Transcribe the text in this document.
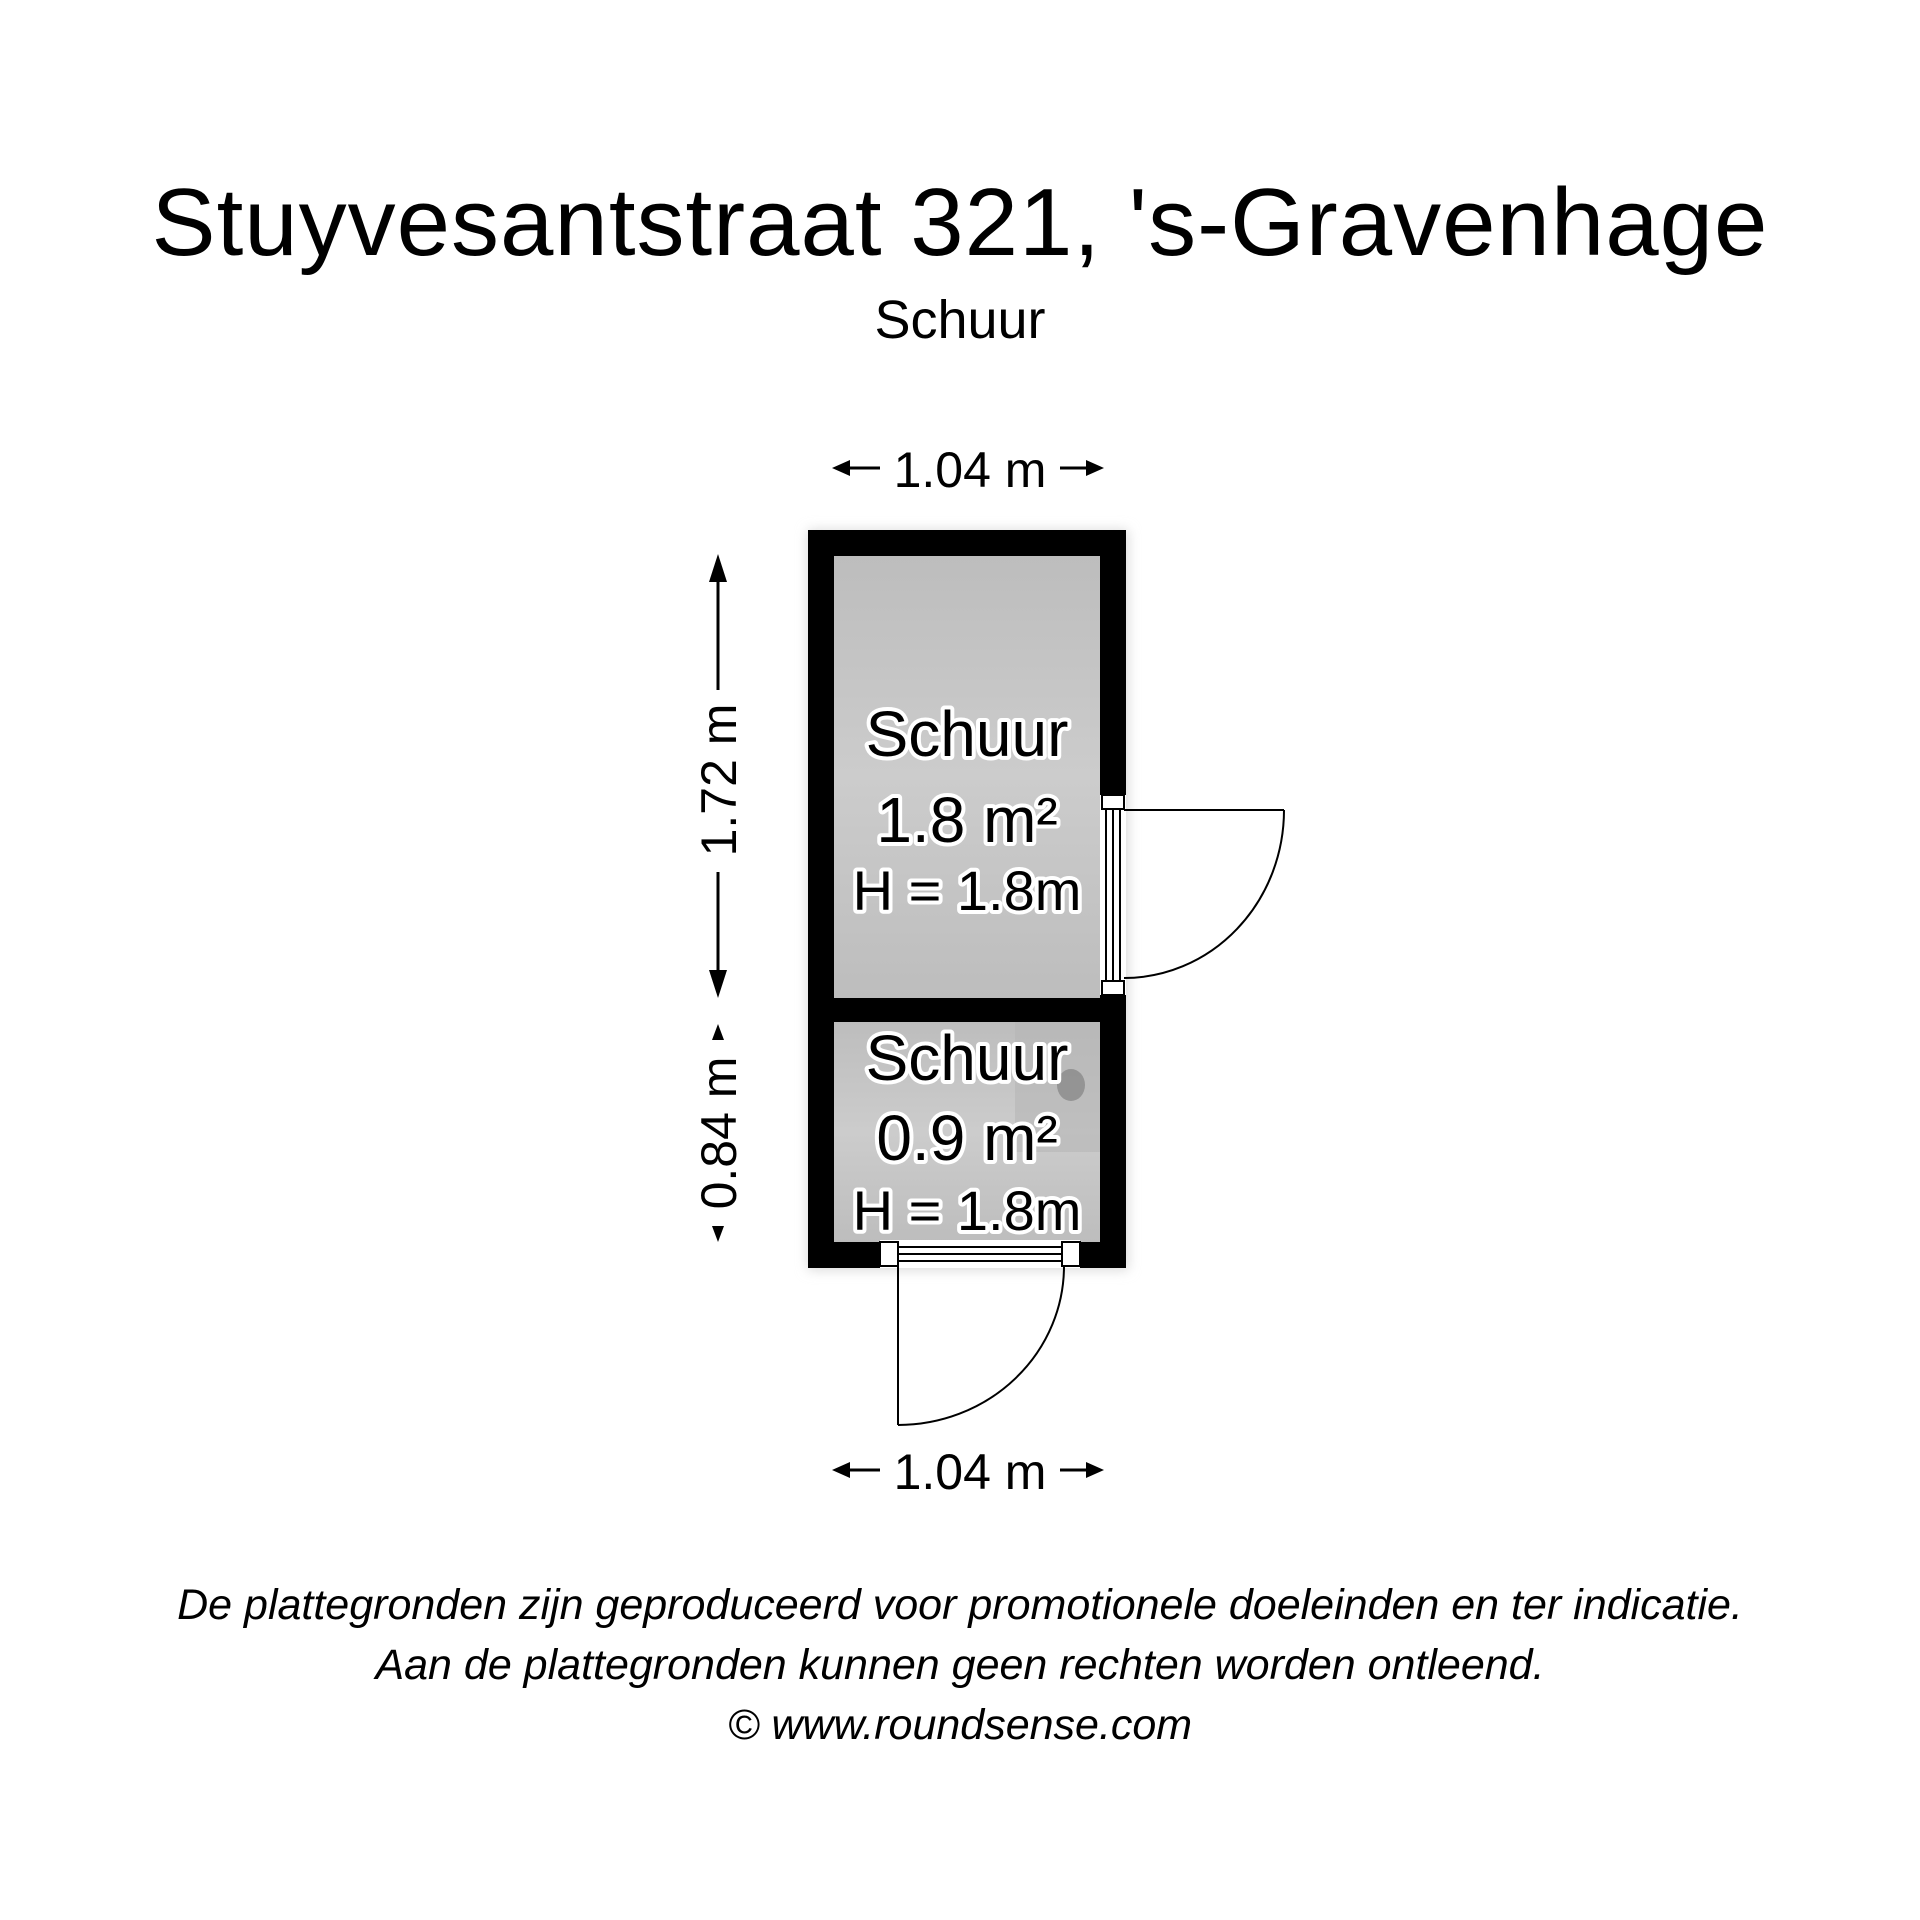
Stuyvesantstraat 321, 's-Gravenhage
Schuur
Schuur
1.8 m²
H = 1.8m
Schuur
0.9 m²
H = 1.8m
1.04 m
1.04 m
1.72 m
0.84 m
De plattegronden zijn geproduceerd voor promotionele doeleinden en ter indicatie.
Aan de plattegronden kunnen geen rechten worden ontleend.
© www.roundsense.com
